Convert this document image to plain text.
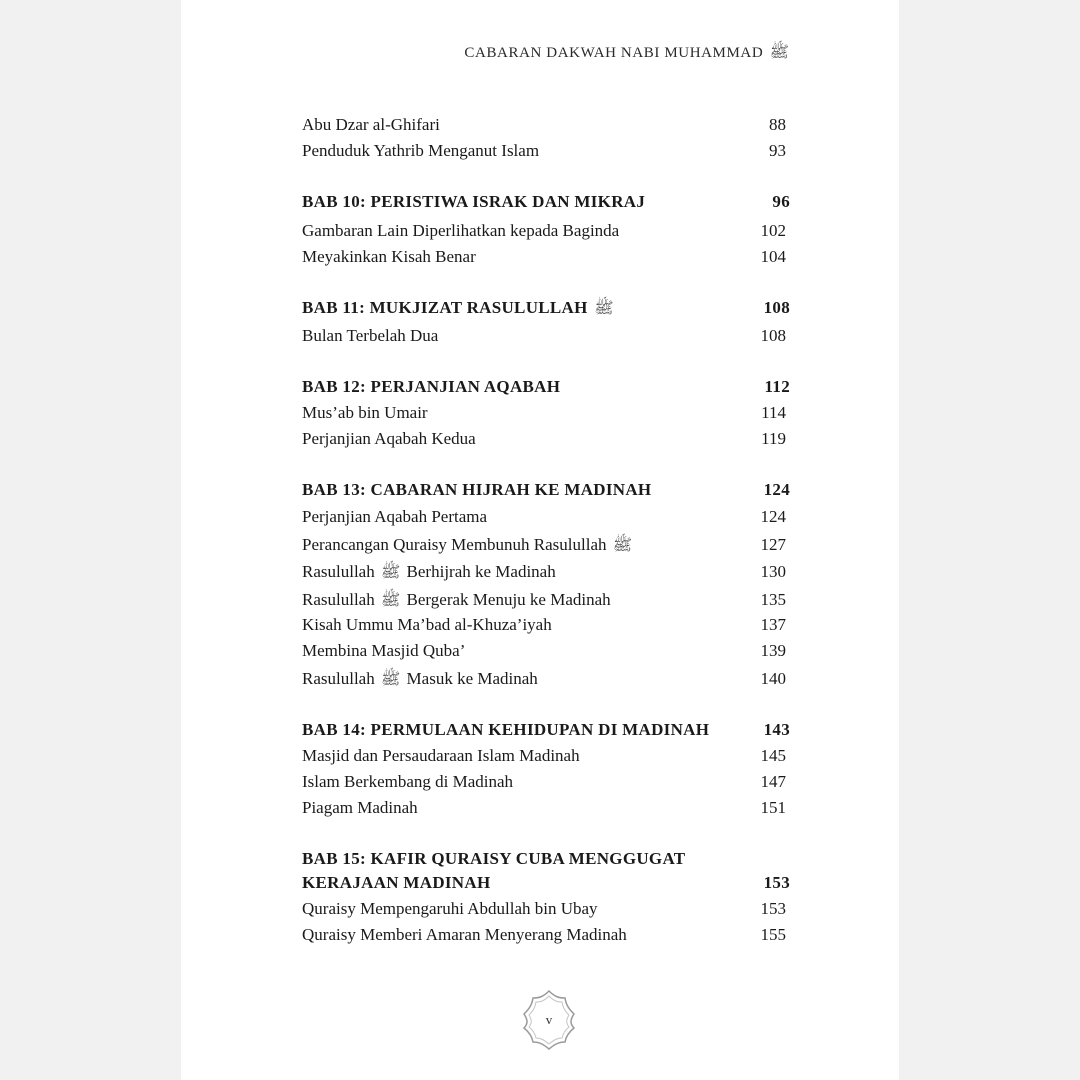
CABARAN DAKWAH NABI MUHAMMAD ﷺ
Abu Dzar al-Ghifari	88
Penduduk Yathrib Menganut Islam	93
BAB 10: PERISTIWA ISRAK DAN MIKRAJ	96
Gambaran Lain Diperlihatkan kepada Baginda	102
Meyakinkan Kisah Benar	104
BAB 11: MUKJIZAT RASULULLAH ﷺ	108
Bulan Terbelah Dua	108
BAB 12: PERJANJIAN AQABAH	112
Mus’ab bin Umair	114
Perjanjian Aqabah Kedua	119
BAB 13: CABARAN HIJRAH KE MADINAH	124
Perjanjian Aqabah Pertama	124
Perancangan Quraisy Membunuh Rasulullah ﷺ	127
Rasulullah ﷺ Berhijrah ke Madinah	130
Rasulullah ﷺ Bergerak Menuju ke Madinah	135
Kisah Ummu Ma’bad al-Khuza’iyah	137
Membina Masjid Quba’	139
Rasulullah ﷺ Masuk ke Madinah	140
BAB 14: PERMULAAN KEHIDUPAN DI MADINAH	143
Masjid dan Persaudaraan Islam Madinah	145
Islam Berkembang di Madinah	147
Piagam Madinah	151
BAB 15: KAFIR QURAISY CUBA MENGGUGAT
KERAJAAN MADINAH	153
Quraisy Mempengaruhi Abdullah bin Ubay	153
Quraisy Memberi Amaran Menyerang Madinah	155
v
